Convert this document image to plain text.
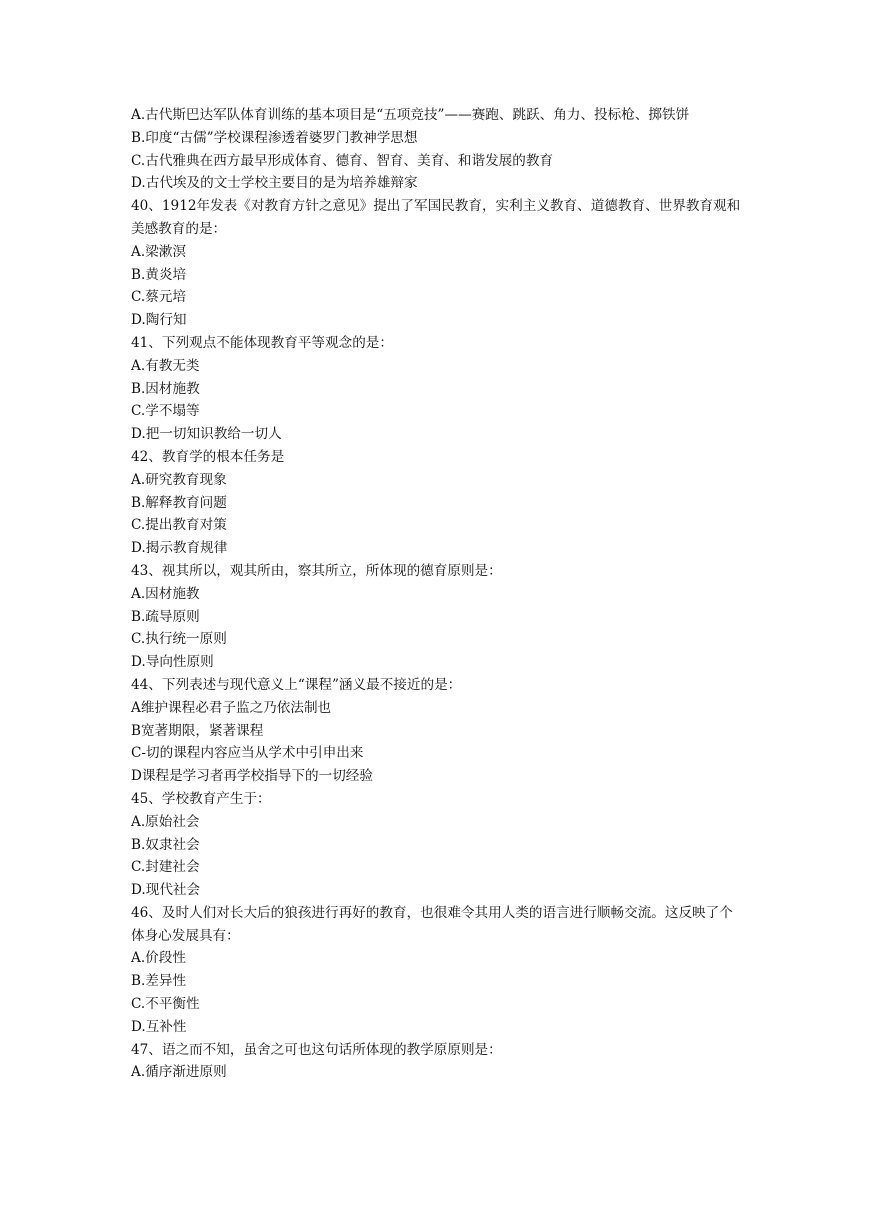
A.古代斯巴达军队体育训练的基本项目是“五项竞技”——赛跑、跳跃、角力、投标枪、掷铁饼
B.印度“古儒”学校课程渗透着婆罗门教神学思想
C.古代雅典在西方最早形成体育、德育、智育、美育、和谐发展的教育
D.古代埃及的文士学校主要目的是为培养雄辩家
40、1912年发表《对教育方针之意见》提出了军国民教育，实利主义教育、道德教育、世界教育观和美感教育的是：
A.梁漱溟
B.黄炎培
C.蔡元培
D.陶行知
41、下列观点不能体现教育平等观念的是：
A.有教无类
B.因材施教
C.学不塌等
D.把一切知识教给一切人
42、教育学的根本任务是
A.研究教育现象
B.解释教育问题
C.提出教育对策
D.揭示教育规律
43、视其所以，观其所由，察其所立，所体现的德育原则是：
A.因材施教
B.疏导原则
C.执行统一原则
D.导向性原则
44、下列表述与现代意义上“课程”涵义最不接近的是：
A维护课程必君子监之乃依法制也
B宽著期限，紧著课程
C-切的课程内容应当从学术中引申出来
D课程是学习者再学校指导下的一切经验
45、学校教育产生于：
A.原始社会
B.奴隶社会
C.封建社会
D.现代社会
46、及时人们对长大后的狼孩进行再好的教育，也很难令其用人类的语言进行顺畅交流。这反映了个体身心发展具有：
A.价段性
B.差异性
C.不平衡性
D.互补性
47、语之而不知，虽舍之可也这句话所体现的教学原原则是：
A.循序渐进原则
